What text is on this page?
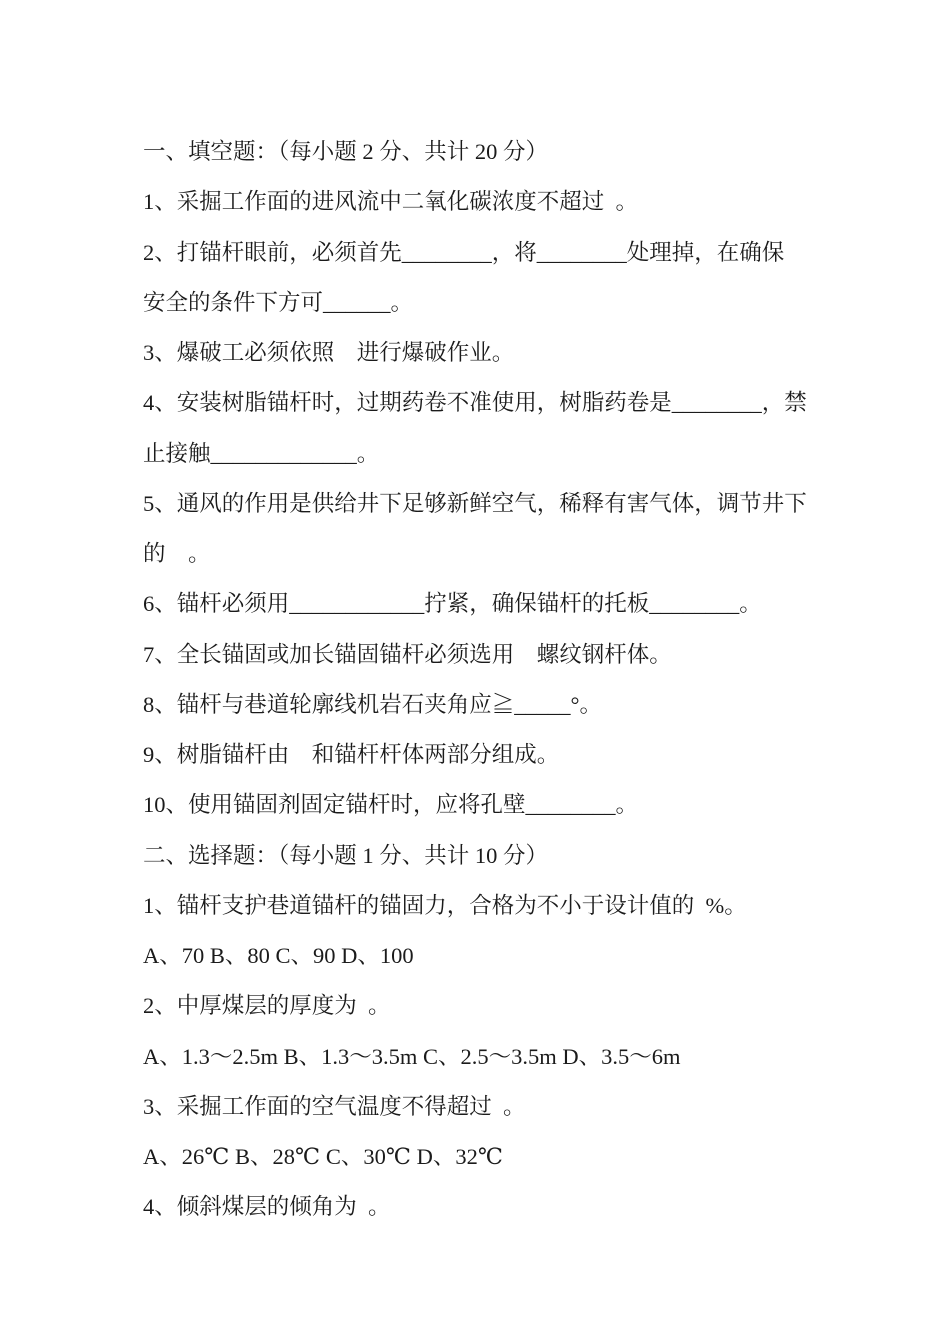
一、填空题：（每小题 2 分、共计 20 分）
1、采掘工作面的进风流中二氧化碳浓度不超过  。
2、打锚杆眼前，必须首先________，将________处理掉，在确保
安全的条件下方可______。
3、爆破工必须依照　进行爆破作业。
4、安装树脂锚杆时，过期药卷不准使用，树脂药卷是________，禁
止接触_____________。
5、通风的作用是供给井下足够新鲜空气，稀释有害气体，调节井下
的　。
6、锚杆必须用____________拧紧，确保锚杆的托板________。
7、全长锚固或加长锚固锚杆必须选用　螺纹钢杆体。
8、锚杆与巷道轮廓线机岩石夹角应≧_____°。
9、树脂锚杆由　和锚杆杆体两部分组成。
10、使用锚固剂固定锚杆时，应将孔壁________。
二、选择题：（每小题 1 分、共计 10 分）
1、锚杆支护巷道锚杆的锚固力，合格为不小于设计值的  %。
A、70 B、80 C、90 D、100
2、中厚煤层的厚度为  。
A、1.3～2.5m B、1.3～3.5m C、2.5～3.5m D、3.5～6m
3、采掘工作面的空气温度不得超过  。
A、26℃ B、28℃ C、30℃ D、32℃
4、倾斜煤层的倾角为  。
